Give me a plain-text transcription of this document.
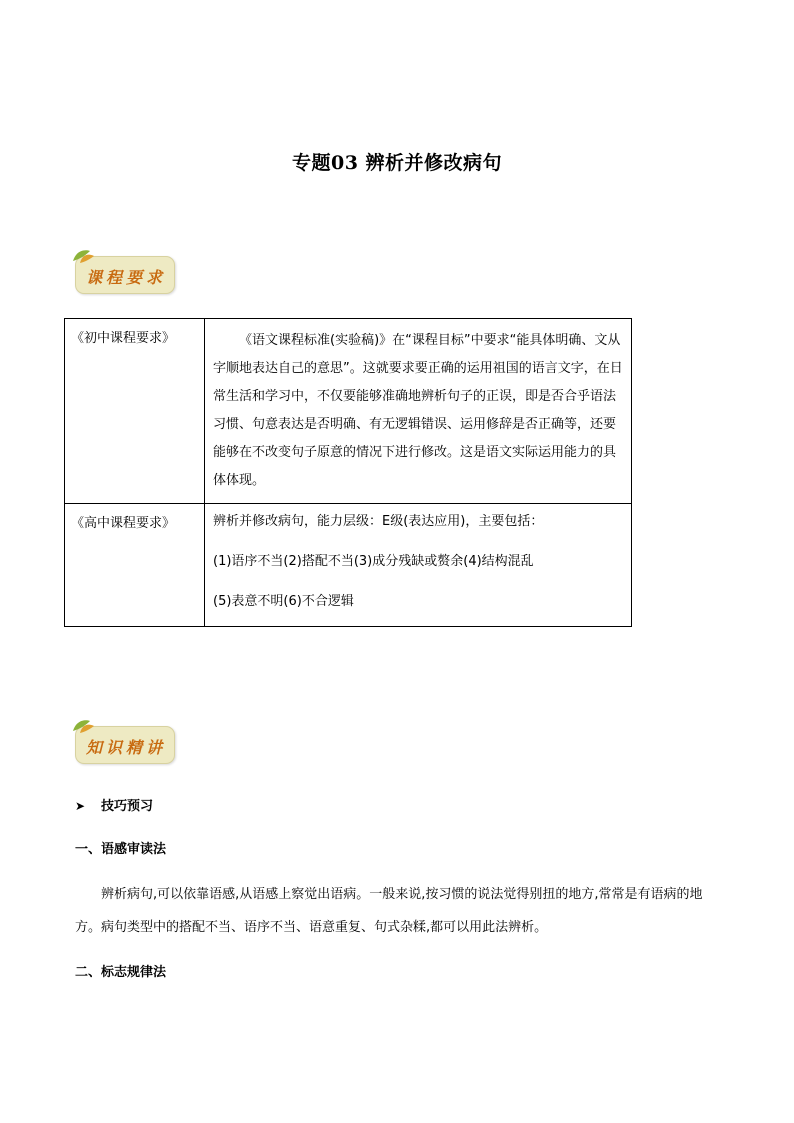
专题03 辨析并修改病句
课程要求
《初中课程要求》	《语文课程标准(实验稿)》在“课程目标”中要求“能具体明确、文从字顺地表达自己的意思”。这就要求要正确的运用祖国的语言文字，在日常生活和学习中，不仅要能够准确地辨析句子的正误，即是否合乎语法习惯、句意表达是否明确、有无逻辑错误、运用修辞是否正确等，还要能够在不改变句子原意的情况下进行修改。这是语文实际运用能力的具体体现。

《高中课程要求》	辨析并修改病句，能力层级：E级(表达应用)，主要包括：

(1)语序不当(2)搭配不当(3)成分残缺或赘余(4)结构混乱

(5)表意不明(6)不合逻辑

知识精讲
➤ 技巧预习
一、语感审读法

辨析病句,可以依靠语感,从语感上察觉出语病。一般来说,按习惯的说法觉得别扭的地方,常常是有语病的地方。病句类型中的搭配不当、语序不当、语意重复、句式杂糅,都可以用此法辨析。

二、标志规律法
